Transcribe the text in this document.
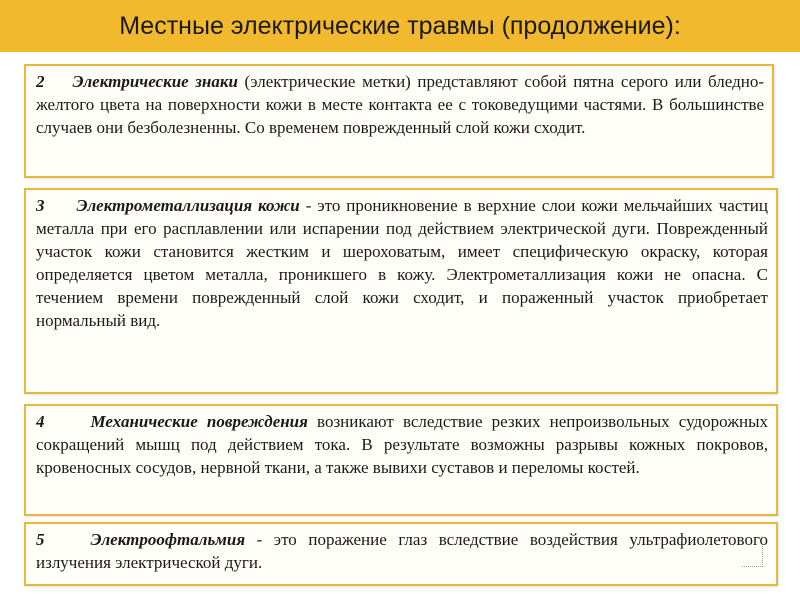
Местные электрические травмы (продолжение):
2 Электрические знаки (электрические метки) представляют собой пятна серого или бледно-желтого цвета на поверхности кожи в месте контакта ее с токоведущими частями. В большинстве случаев они безболезненны. Со временем поврежденный слой кожи сходит.
3 Электрометаллизация кожи - это проникновение в верхние слои кожи мельчайших частиц металла при его расплавлении или испарении под действием электрической дуги. Поврежденный участок кожи становится жестким и шероховатым, имеет специфическую окраску, которая определяется цветом металла, проникшего в кожу. Электрометаллизация кожи не опасна. С течением времени поврежденный слой кожи сходит, и пораженный участок приобретает нормальный вид.
4	Механические повреждения возникают вследствие резких непроизвольных судорожных сокращений мышц под действием тока. В результате возможны разрывы кожных покровов, кровеносных сосудов, нервной ткани, а также вывихи суставов и переломы костей.
5	Электроофтальмия - это поражение глаз вследствие воздействия ультрафиолетового излучения электрической дуги.
